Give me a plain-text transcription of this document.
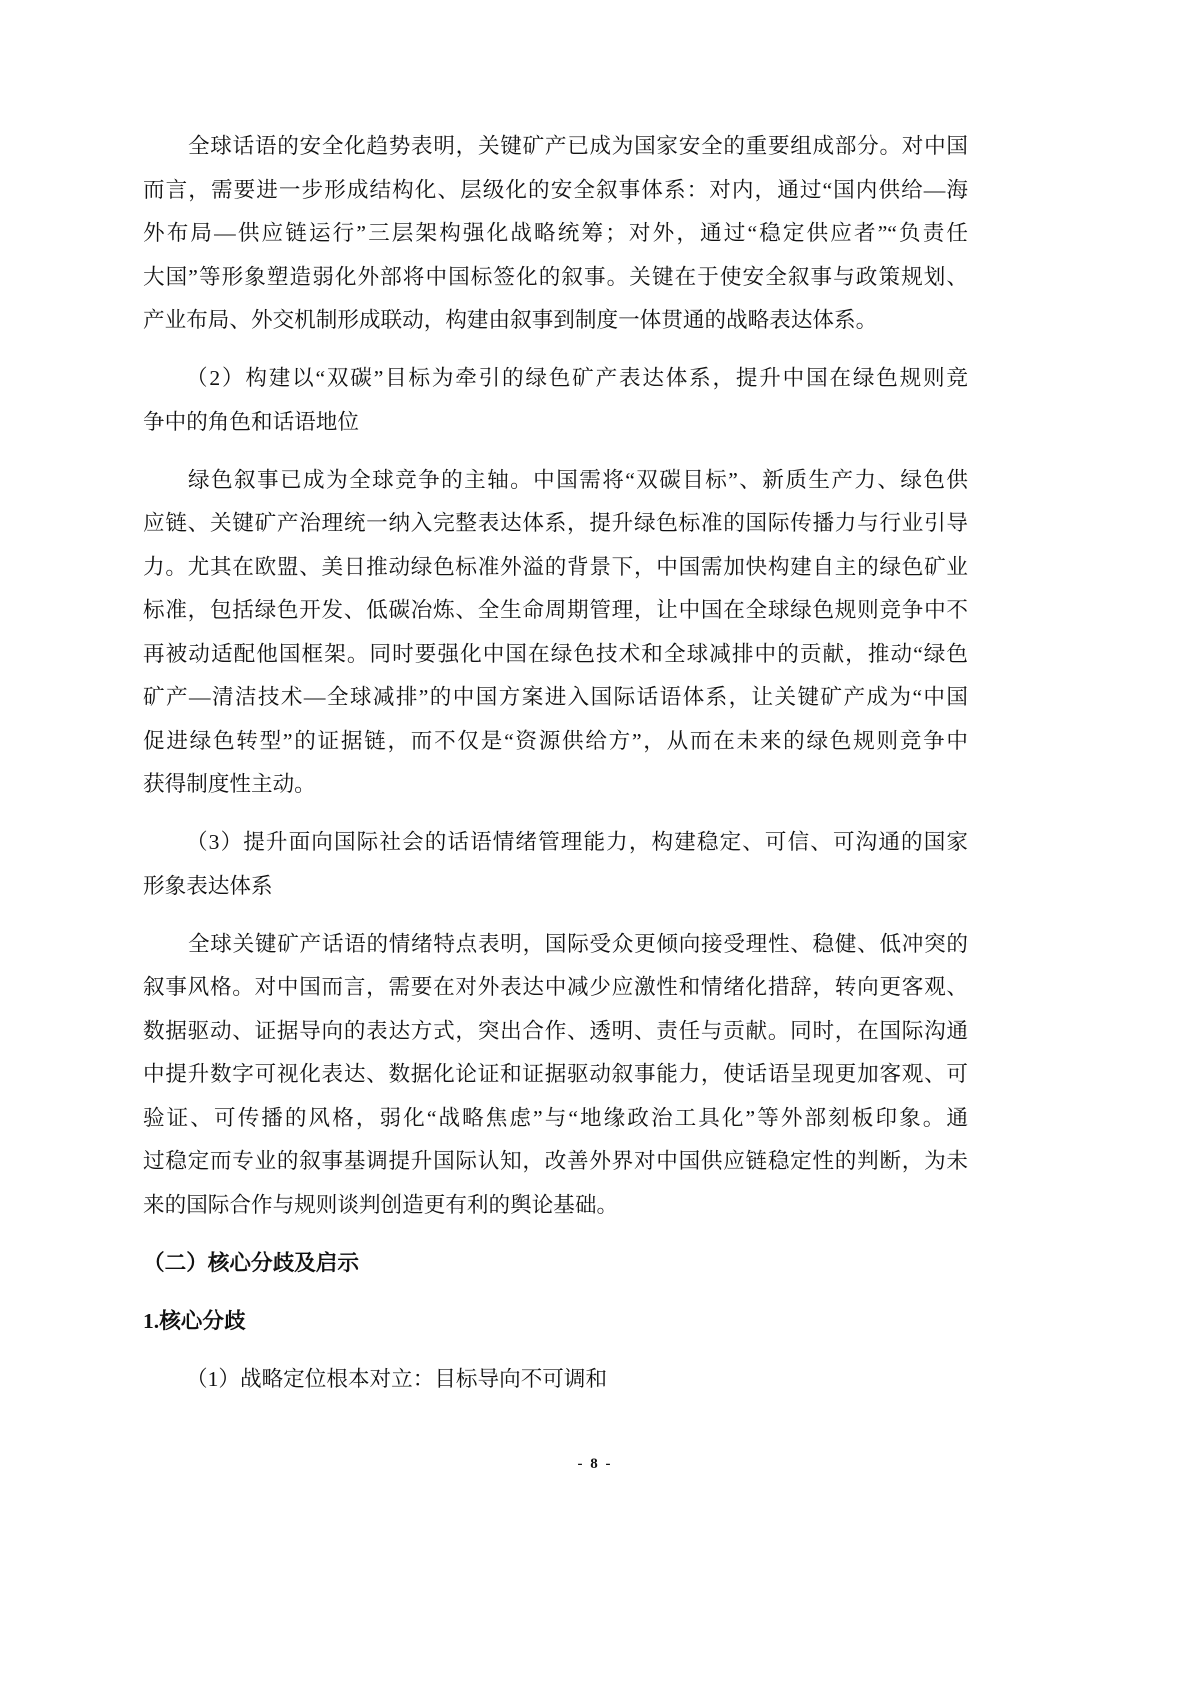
全球话语的安全化趋势表明，关键矿产已成为国家安全的重要组成部分。对中国
而言，需要进一步形成结构化、层级化的安全叙事体系：对内，通过“国内供给—海
外布局—供应链运行”三层架构强化战略统筹；对外，通过“稳定供应者”“负责任
大国”等形象塑造弱化外部将中国标签化的叙事。关键在于使安全叙事与政策规划、
产业布局、外交机制形成联动，构建由叙事到制度一体贯通的战略表达体系。
（2）构建以“双碳”目标为牵引的绿色矿产表达体系，提升中国在绿色规则竞
争中的角色和话语地位
绿色叙事已成为全球竞争的主轴。中国需将“双碳目标”、新质生产力、绿色供
应链、关键矿产治理统一纳入完整表达体系，提升绿色标准的国际传播力与行业引导
力。尤其在欧盟、美日推动绿色标准外溢的背景下，中国需加快构建自主的绿色矿业
标准，包括绿色开发、低碳冶炼、全生命周期管理，让中国在全球绿色规则竞争中不
再被动适配他国框架。同时要强化中国在绿色技术和全球减排中的贡献，推动“绿色
矿产—清洁技术—全球减排”的中国方案进入国际话语体系，让关键矿产成为“中国
促进绿色转型”的证据链，而不仅是“资源供给方”，从而在未来的绿色规则竞争中
获得制度性主动。
（3）提升面向国际社会的话语情绪管理能力，构建稳定、可信、可沟通的国家
形象表达体系
全球关键矿产话语的情绪特点表明，国际受众更倾向接受理性、稳健、低冲突的
叙事风格。对中国而言，需要在对外表达中减少应激性和情绪化措辞，转向更客观、
数据驱动、证据导向的表达方式，突出合作、透明、责任与贡献。同时，在国际沟通
中提升数字可视化表达、数据化论证和证据驱动叙事能力，使话语呈现更加客观、可
验证、可传播的风格，弱化“战略焦虑”与“地缘政治工具化”等外部刻板印象。通
过稳定而专业的叙事基调提升国际认知，改善外界对中国供应链稳定性的判断，为未
来的国际合作与规则谈判创造更有利的舆论基础。
（二）核心分歧及启示
1.核心分歧
（1）战略定位根本对立：目标导向不可调和
- 8 -
